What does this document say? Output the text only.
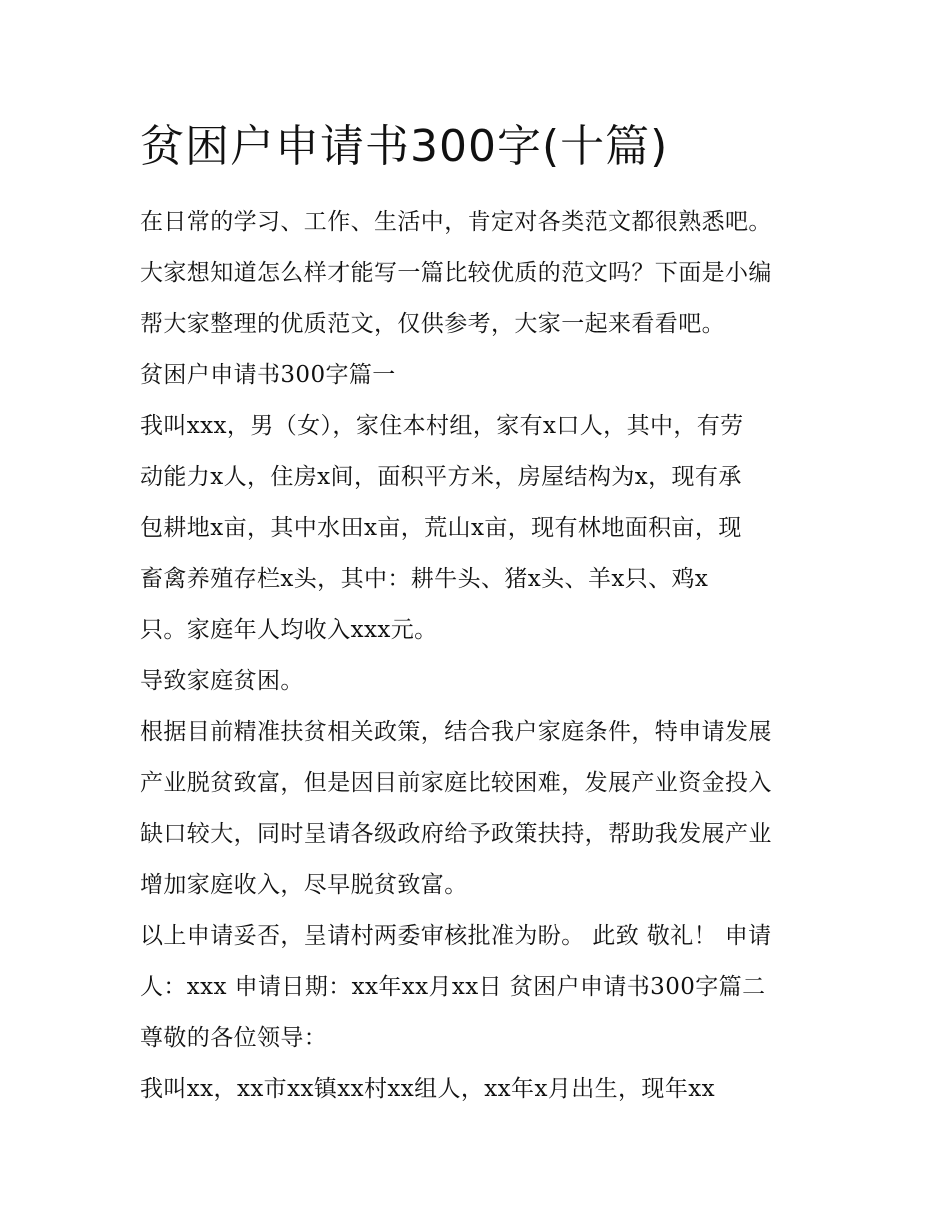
贫困户申请书300字(十篇)
在日常的学习、工作、生活中，肯定对各类范文都很熟悉吧。
大家想知道怎么样才能写一篇比较优质的范文吗？下面是小编
帮大家整理的优质范文，仅供参考，大家一起来看看吧。
贫困户申请书300字篇一
我叫xxx，男（女），家住本村组，家有x口人，其中，有劳
动能力x人，住房x间，面积平方米，房屋结构为x，现有承
包耕地x亩，其中水田x亩，荒山x亩，现有林地面积亩，现
畜禽养殖存栏x头，其中：耕牛头、猪x头、羊x只、鸡x
只。家庭年人均收入xxx元。
导致家庭贫困。
根据目前精准扶贫相关政策，结合我户家庭条件，特申请发展
产业脱贫致富，但是因目前家庭比较困难，发展产业资金投入
缺口较大，同时呈请各级政府给予政策扶持，帮助我发展产业
增加家庭收入，尽早脱贫致富。
以上申请妥否，呈请村两委审核批准为盼。 此致 敬礼！ 申请
人：xxx 申请日期：xx年xx月xx日 贫困户申请书300字篇二
尊敬的各位领导：
我叫xx，xx市xx镇xx村xx组人，xx年x月出生，现年xx
